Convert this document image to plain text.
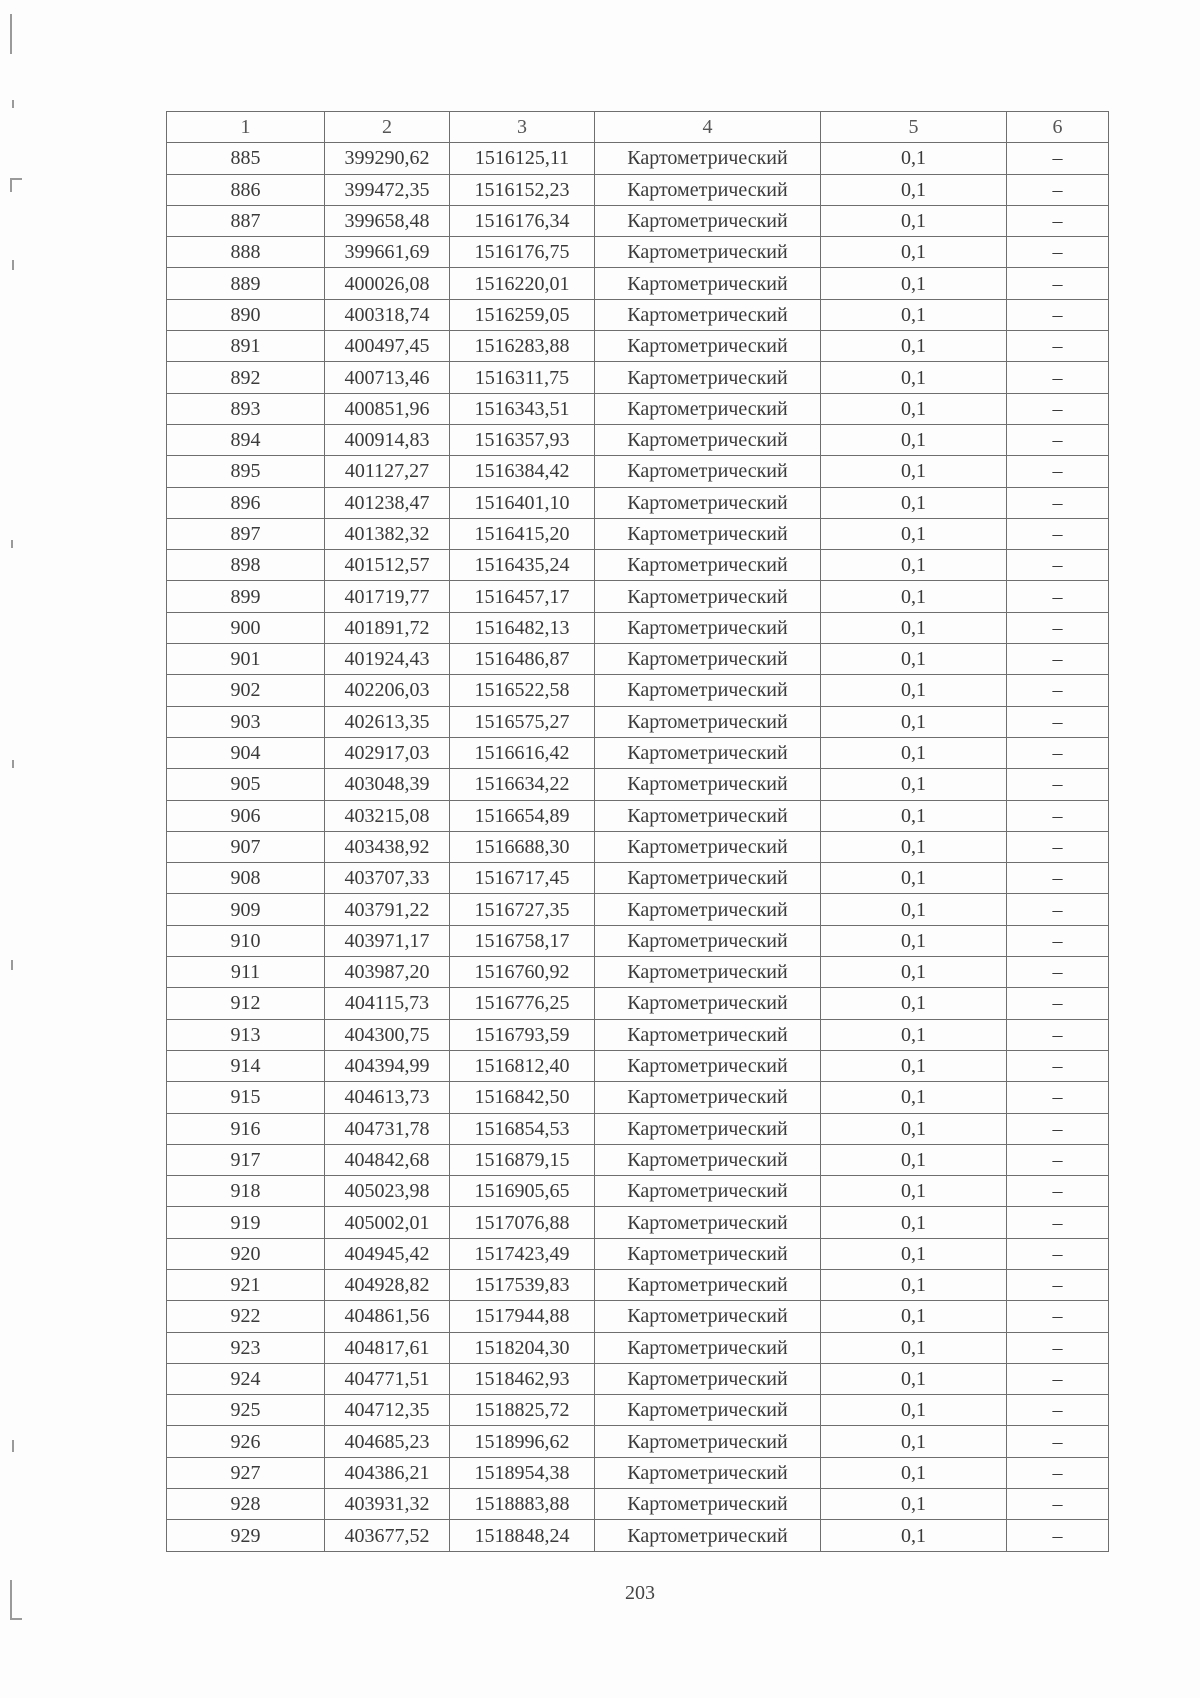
1	2	3	4	5	6
885	399290,62	1516125,11	Картометрический	0,1	–
886	399472,35	1516152,23	Картометрический	0,1	–
887	399658,48	1516176,34	Картометрический	0,1	–
888	399661,69	1516176,75	Картометрический	0,1	–
889	400026,08	1516220,01	Картометрический	0,1	–
890	400318,74	1516259,05	Картометрический	0,1	–
891	400497,45	1516283,88	Картометрический	0,1	–
892	400713,46	1516311,75	Картометрический	0,1	–
893	400851,96	1516343,51	Картометрический	0,1	–
894	400914,83	1516357,93	Картометрический	0,1	–
895	401127,27	1516384,42	Картометрический	0,1	–
896	401238,47	1516401,10	Картометрический	0,1	–
897	401382,32	1516415,20	Картометрический	0,1	–
898	401512,57	1516435,24	Картометрический	0,1	–
899	401719,77	1516457,17	Картометрический	0,1	–
900	401891,72	1516482,13	Картометрический	0,1	–
901	401924,43	1516486,87	Картометрический	0,1	–
902	402206,03	1516522,58	Картометрический	0,1	–
903	402613,35	1516575,27	Картометрический	0,1	–
904	402917,03	1516616,42	Картометрический	0,1	–
905	403048,39	1516634,22	Картометрический	0,1	–
906	403215,08	1516654,89	Картометрический	0,1	–
907	403438,92	1516688,30	Картометрический	0,1	–
908	403707,33	1516717,45	Картометрический	0,1	–
909	403791,22	1516727,35	Картометрический	0,1	–
910	403971,17	1516758,17	Картометрический	0,1	–
911	403987,20	1516760,92	Картометрический	0,1	–
912	404115,73	1516776,25	Картометрический	0,1	–
913	404300,75	1516793,59	Картометрический	0,1	–
914	404394,99	1516812,40	Картометрический	0,1	–
915	404613,73	1516842,50	Картометрический	0,1	–
916	404731,78	1516854,53	Картометрический	0,1	–
917	404842,68	1516879,15	Картометрический	0,1	–
918	405023,98	1516905,65	Картометрический	0,1	–
919	405002,01	1517076,88	Картометрический	0,1	–
920	404945,42	1517423,49	Картометрический	0,1	–
921	404928,82	1517539,83	Картометрический	0,1	–
922	404861,56	1517944,88	Картометрический	0,1	–
923	404817,61	1518204,30	Картометрический	0,1	–
924	404771,51	1518462,93	Картометрический	0,1	–
925	404712,35	1518825,72	Картометрический	0,1	–
926	404685,23	1518996,62	Картометрический	0,1	–
927	404386,21	1518954,38	Картометрический	0,1	–
928	403931,32	1518883,88	Картометрический	0,1	–
929	403677,52	1518848,24	Картометрический	0,1	–
203
